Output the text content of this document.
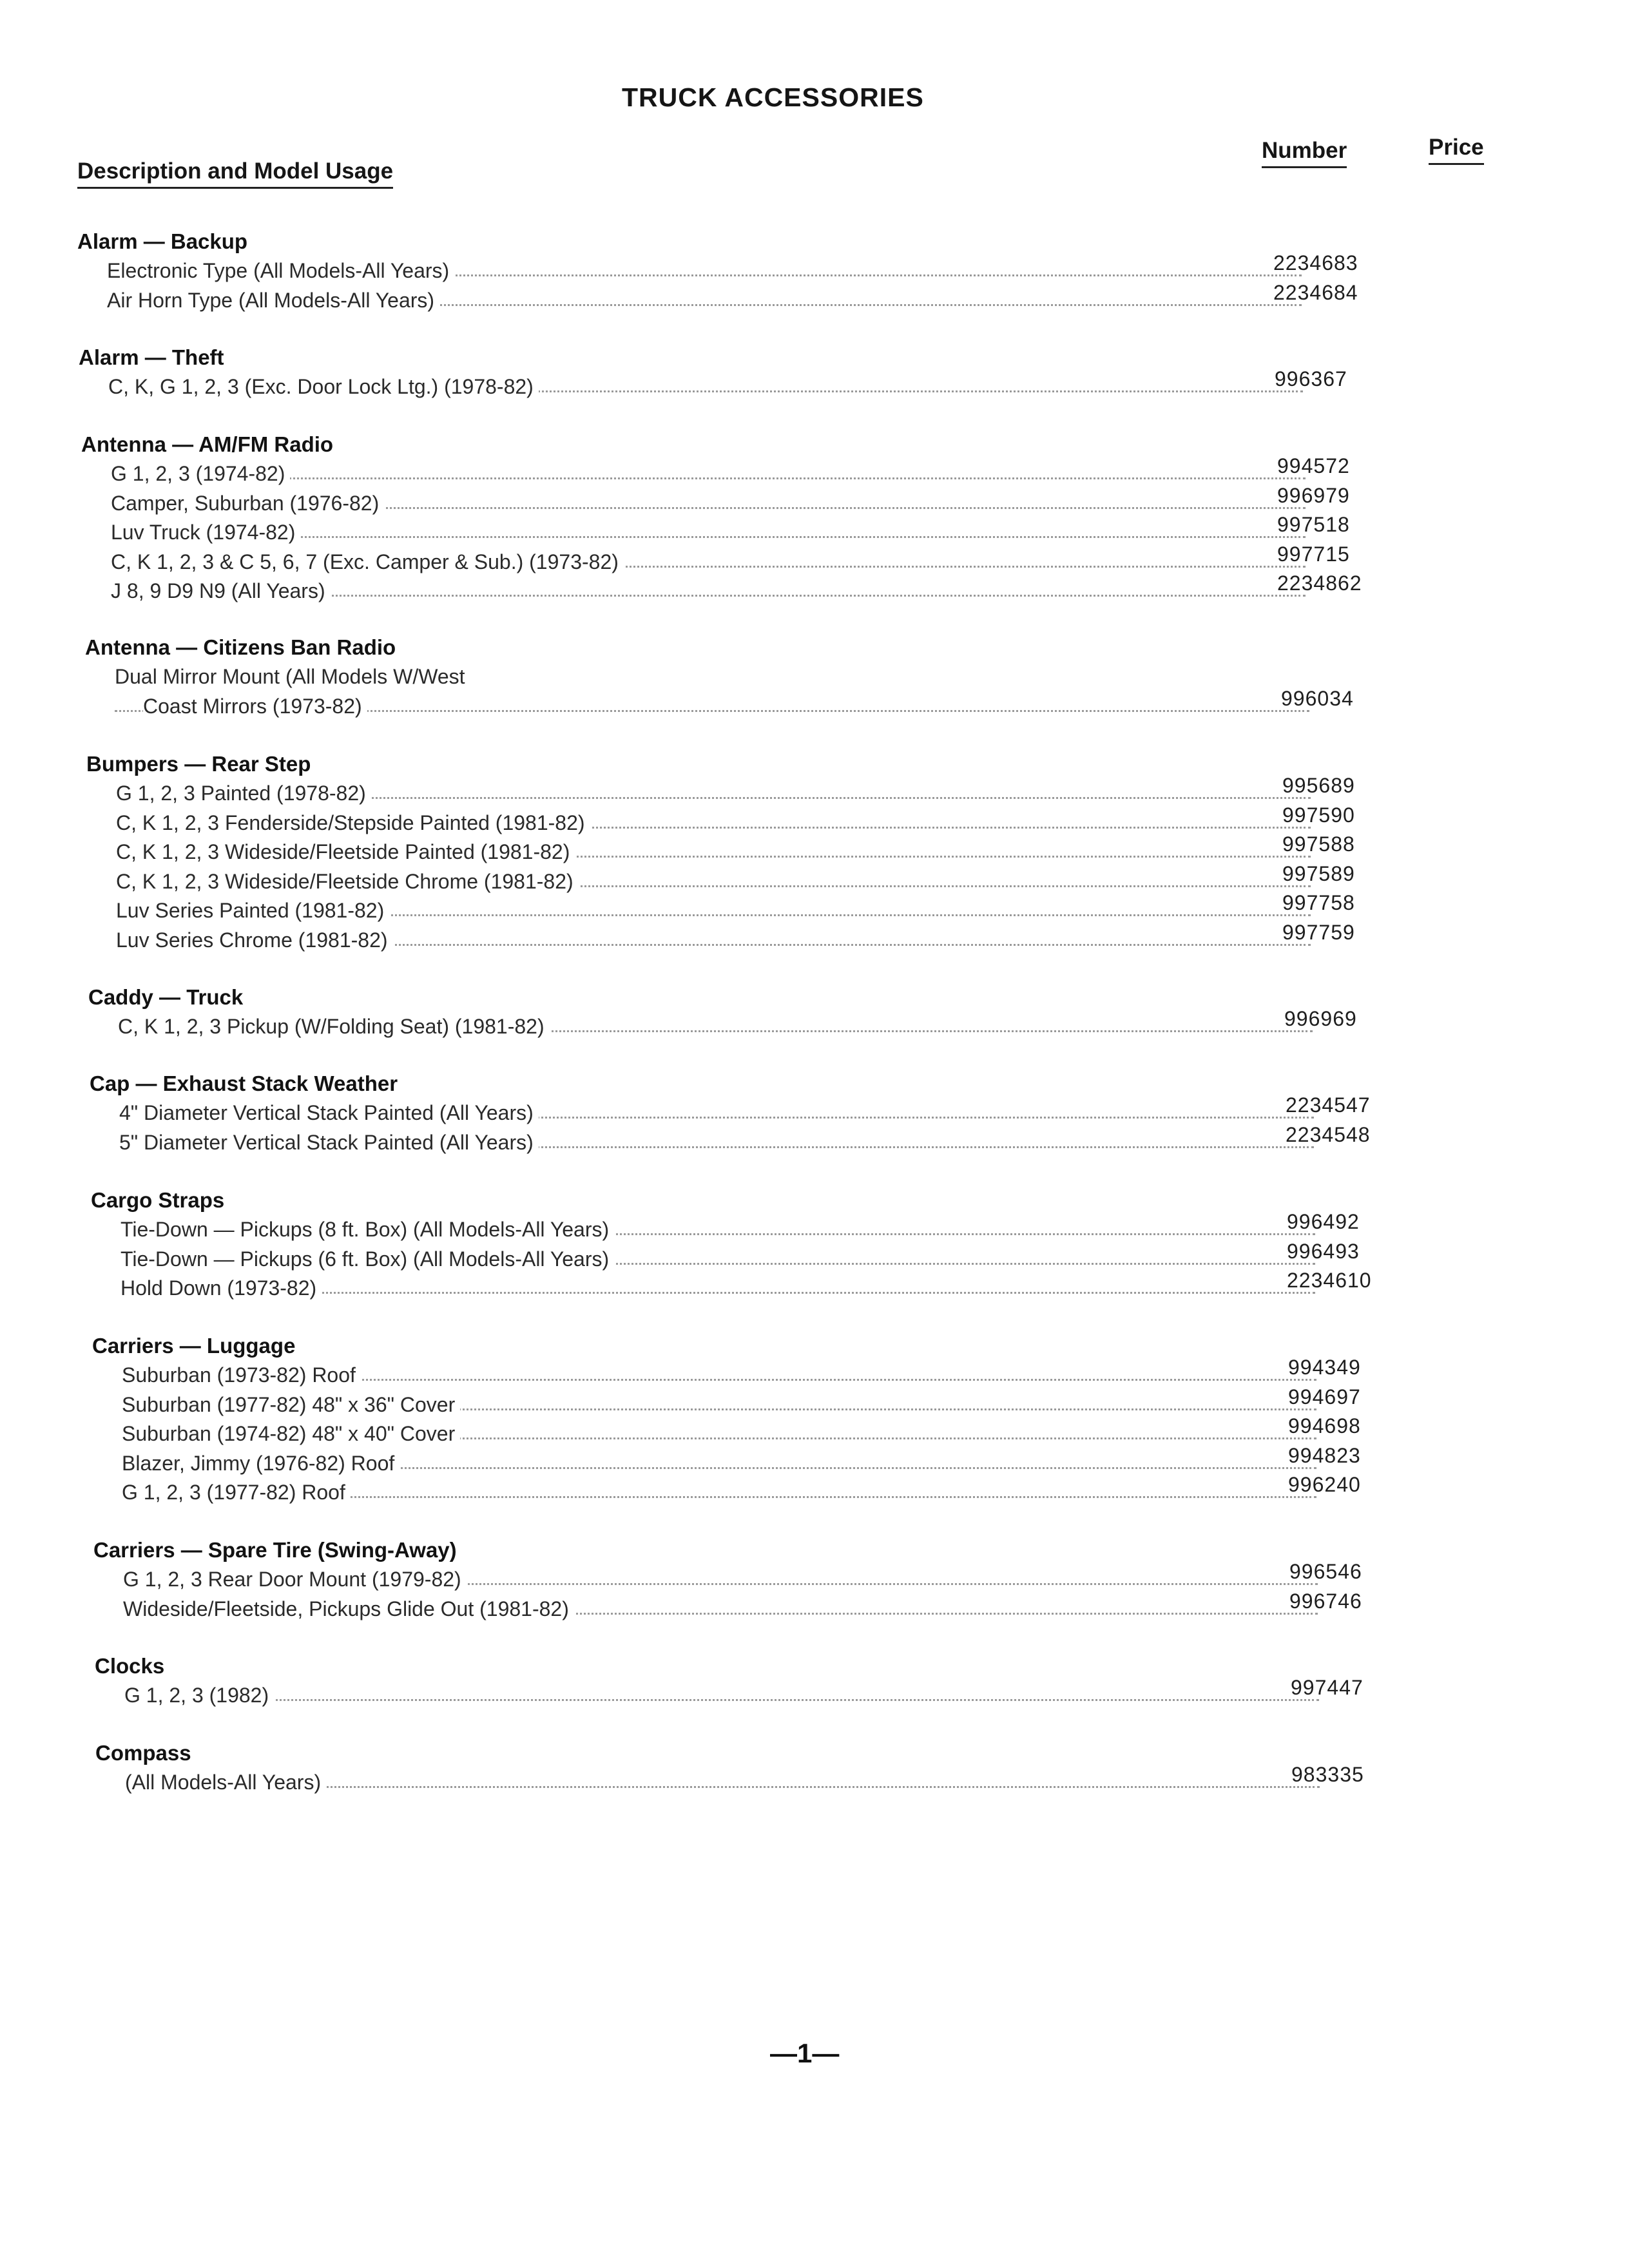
TRUCK ACCESSORIES
Description and Model Usage
Number	Price
Alarm — Backup
Electronic Type (All Models-All Years)	2234683
Air Horn Type (All Models-All Years)	2234684
Alarm — Theft
C, K, G 1, 2, 3 (Exc. Door Lock Ltg.) (1978-82)	996367
Antenna — AM/FM Radio
G 1, 2, 3 (1974-82)	994572
Camper, Suburban (1976-82)	996979
Luv Truck (1974-82)	997518
C, K 1, 2, 3 & C 5, 6, 7 (Exc. Camper & Sub.) (1973-82)	997715
J 8, 9 D9 N9 (All Years)	2234862
Antenna — Citizens Ban Radio
Dual Mirror Mount (All Models W/West
Coast Mirrors (1973-82)	996034
Bumpers — Rear Step
G 1, 2, 3 Painted (1978-82)	995689
C, K 1, 2, 3 Fenderside/Stepside Painted (1981-82)	997590
C, K 1, 2, 3 Wideside/Fleetside Painted (1981-82)	997588
C, K 1, 2, 3 Wideside/Fleetside Chrome (1981-82)	997589
Luv Series Painted (1981-82)	997758
Luv Series Chrome (1981-82)	997759
Caddy — Truck
C, K 1, 2, 3 Pickup (W/Folding Seat) (1981-82)	996969
Cap — Exhaust Stack Weather
4" Diameter Vertical Stack Painted (All Years)	2234547
5" Diameter Vertical Stack Painted (All Years)	2234548
Cargo Straps
Tie-Down — Pickups (8 ft. Box) (All Models-All Years)	996492
Tie-Down — Pickups (6 ft. Box) (All Models-All Years)	996493
Hold Down (1973-82)	2234610
Carriers — Luggage
Suburban (1973-82) Roof	994349
Suburban (1977-82) 48" x 36" Cover	994697
Suburban (1974-82) 48" x 40" Cover	994698
Blazer, Jimmy (1976-82) Roof	994823
G 1, 2, 3 (1977-82) Roof	996240
Carriers — Spare Tire (Swing-Away)
G 1, 2, 3 Rear Door Mount (1979-82)	996546
Wideside/Fleetside, Pickups Glide Out (1981-82)	996746
Clocks
G 1, 2, 3 (1982)	997447
Compass
(All Models-All Years)	983335
—1—
